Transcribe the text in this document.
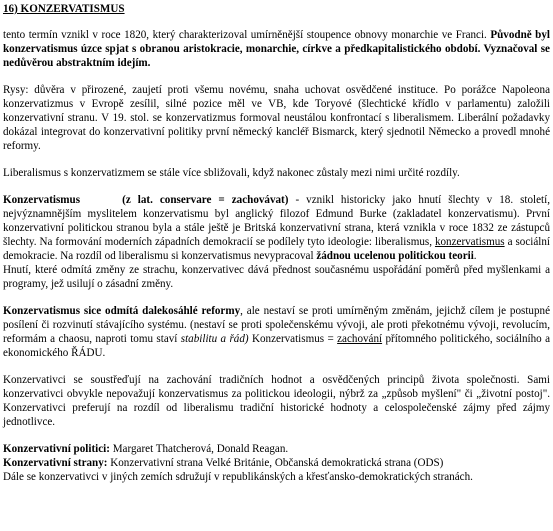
16) KONZERVATISMUS

tento termín vznikl v roce 1820, který charakterizoval umírněnější stoupence obnovy monarchie ve Franci. Původně byl konzervatismus úzce spjat s obranou aristokracie, monarchie, církve a předkapitalistického období. Vyznačoval se nedůvěrou abstraktním idejím.

Rysy: důvěra v přirozené, zaujetí proti všemu novému, snaha uchovat osvědčené instituce. Po porážce Napoleona konzervatizmus v Evropě zesílil, silné pozice měl ve VB, kde Toryové (šlechtické křídlo v parlamentu) založili konzervativní stranu. V 19. stol. se konzervatizmus formoval neustálou konfrontací s liberalismem. Liberální požadavky dokázal integrovat do konzervativní politiky první německý kancléř Bismarck, který sjednotil Německo a provedl mnohé reformy.

Liberalismus s konzervatizmem se stále více sbližovali, když nakonec zůstaly mezi nimi určité rozdíly.

Konzervatismus	(z lat. conservare = zachovávat) - vznikl historicky jako hnutí šlechty v 18. století, nejvýznamnějším myslitelem konzervatismu byl anglický filozof Edmund Burke (zakladatel konzervatismu). První konzervativní politickou stranou byla a stále ještě je Britská konzervativní strana, která vznikla v roce 1832 ze zástupců šlechty. Na formování moderních západních demokracií se podílely tyto ideologie: liberalismus, konzervatismus a sociální demokracie. Na rozdíl od liberalismu si konzervatismus nevypracoval žádnou ucelenou politickou teorii.

Hnutí, které odmítá změny ze strachu, konzervativec dává přednost současnému uspořádání poměrů před myšlenkami a programy, jež usilují o zásadní změny.

Konzervatismus sice odmítá dalekosáhlé reformy, ale nestaví se proti umírněným změnám, jejichž cílem je postupné posílení či rozvinutí stávajícího systému. (nestaví se proti společenskému vývoji, ale proti překotnému vývoji, revolucím, reformám a chaosu, naproti tomu staví stabilitu a řád) Konzervatismus = zachování přítomného politického, sociálního a ekonomického ŘÁDU.

Konzervativci se soustřeďují na zachování tradičních hodnot a osvědčených principů života společnosti. Sami konzervativci obvykle nepovažují konzervatismus za politickou ideologii, nýbrž za „způsob myšlení" či „životní postoj". Konzervativci preferují na rozdíl od liberalismu tradiční historické hodnoty a celospolečenské zájmy před zájmy jednotlivce.

Konzervativní politici: Margaret Thatcherová, Donald Reagan.

Konzervativní strany: Konzervativní strana Velké Británie, Občanská demokratická strana (ODS)

Dále se konzervativci v jiných zemích sdružují v republikánských a křesťansko-demokratických stranách.
